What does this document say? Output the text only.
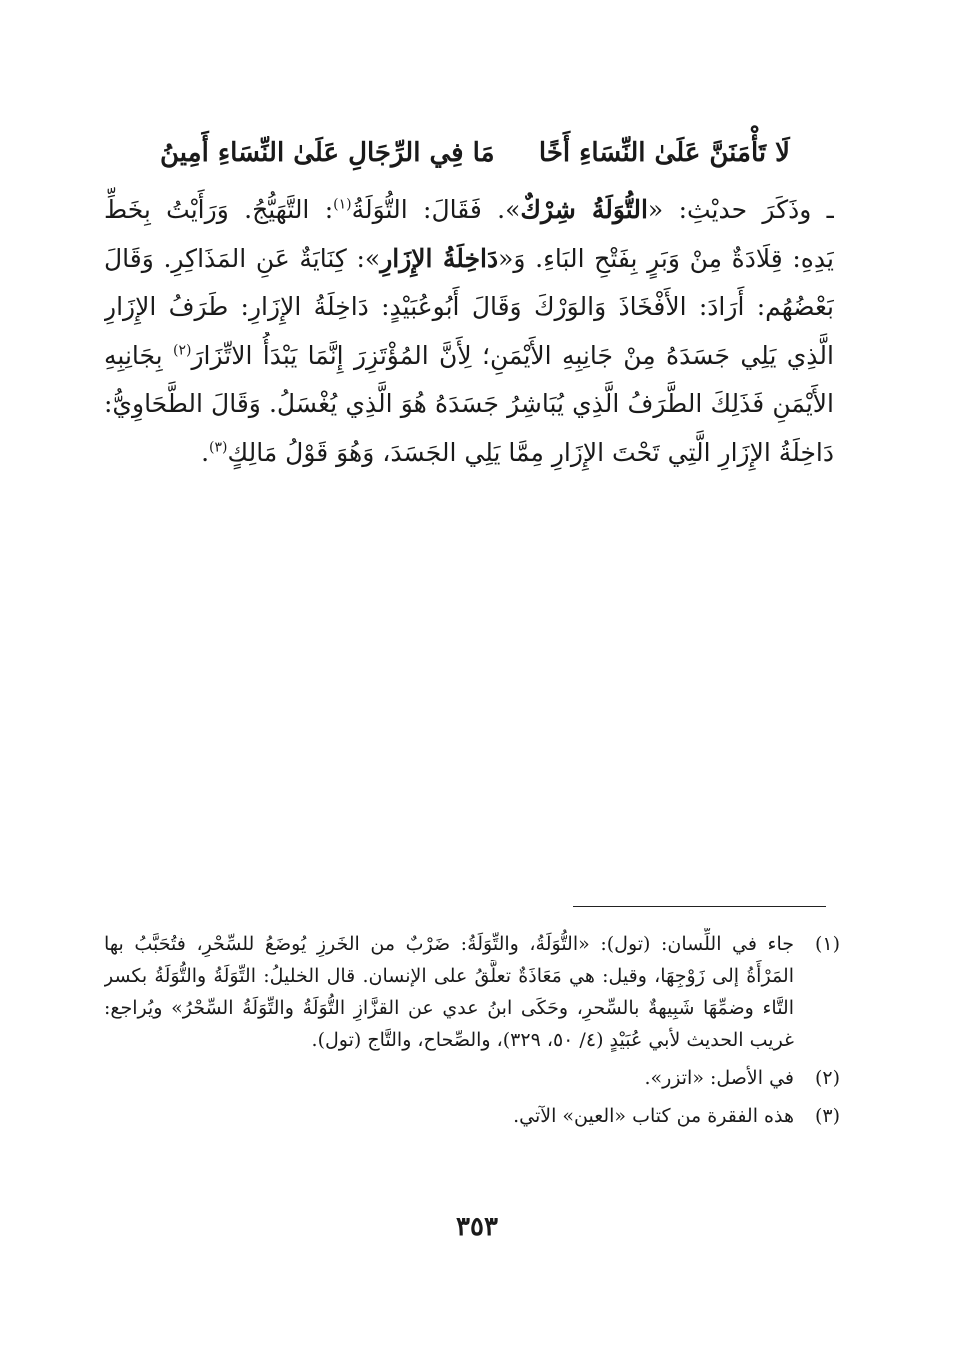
لَا تَأْمَنَنَّ عَلَىٰ النِّسَاءِ أَخًا
مَا فِي الرِّجَالِ عَلَىٰ النِّسَاءِ أَمِينُ
ـ وذَكَرَ حديْثِ: «التُّوَلَةُ شِرْكٌ». فَقَالَ: التُّوَلَةُ$^{(١)}$: التَّهَيُّجُ. وَرَأَيْتُ بِخَطِّ
يَدِهِ: قِلَادَةٌ مِنْ وَبَرٍ بِفَتْحِ البَاءِ. وَ«دَاخِلَةُ الإِزَارِ»: كِنَايَةٌ عَنِ المَذَاكِرِ. وَقَالَ
بَعْضُهُم: أَرَادَ: الأَفْخَاذَ وَالوَرْكَ وَقَالَ أَبُوعُبَيْدٍ: دَاخِلَةُ الإِزَارِ: طَرَفُ الإِزَارِ
الَّذِي يَلِي جَسَدَهُ مِنْ جَانِبِهِ الأَيْمَنِ؛ لِأَنَّ المُؤْتَزِرَ إِنَّمَا يَبْدَأُ الاتِّزَارَ$^{(٢)}$ بِجَانِبِهِ
الأَيْمَنِ فَذَلِكَ الطَّرَفُ الَّذِي يُبَاشِرُ جَسَدَهُ هُوَ الَّذِي يُغْسَلُ. وَقَالَ الطَّحَاوِيُّ:
دَاخِلَةُ الإِزَارِ الَّتِي تَحْتَ الإِزَارِ مِمَّا يَلِي الجَسَدَ، وَهُوَ قَوْلُ مَالِكٍ$^{(٣)}$.
(١)
جاء في اللِّسان: (تول): «التُّوَلَةُ، والتِّوَلَةُ: ضَرْبٌ من الخَرزِ يُوضَعُ للسِّحْرِ، فتُحَبَّبُ بها
المَرْأَةُ إلى زَوْجِهَا، وقيل: هي مَعَاذَةٌ تعلَّقُ على الإنسان. قال الخليلُ: التِّوَلَةُ والتُّوَلَةُ بكسر
التَّاء وضمِّهَا شَبِيهةٌ بالسِّحرِ، وحَكَى ابنُ عدي عن القزَّازِ التُّوَلَةُ والتِّوَلَةُ السِّحْرُ» ويُراجع:
غريب الحديث لأبي عُبَيْدٍ (٤/ ٥٠، ٣٢٩)، والصِّحاح، والتَّاج (تول).
(٢)
في الأصل: «اتزر».
(٣)
هذه الفقرة من كتاب «العين» الآتي.
٣٥٣
